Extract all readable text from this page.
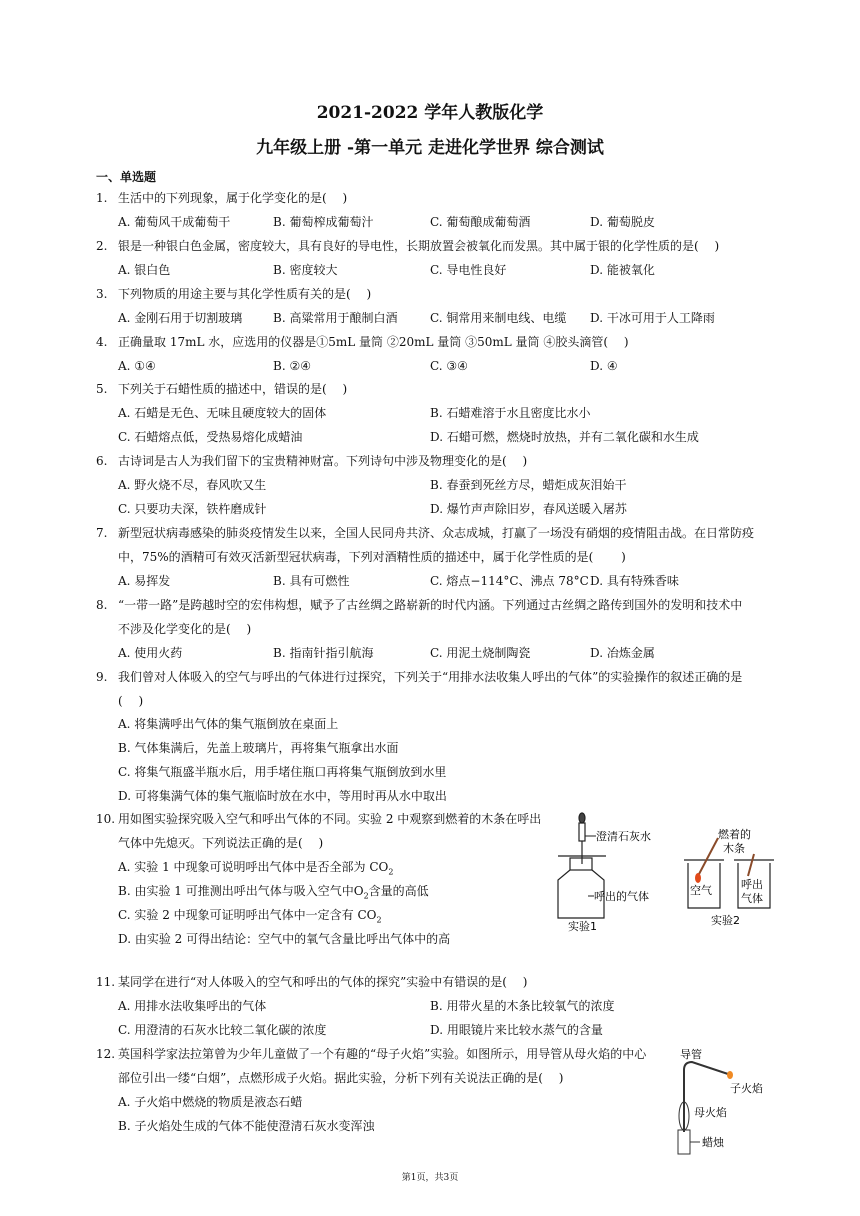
2021-2022 学年人教版化学
九年级上册 -第一单元 走进化学世界 综合测试
一、单选题
1. 生活中的下列现象，属于化学变化的是(　 )
A. 葡萄风干成葡萄干	B. 葡萄榨成葡萄汁	C. 葡萄酿成葡萄酒	D. 葡萄脱皮
2. 银是一种银白色金属，密度较大，具有良好的导电性，长期放置会被氧化而发黑。其中属于银的化学性质的是(　 )
A. 银白色	B. 密度较大	C. 导电性良好	D. 能被氧化
3. 下列物质的用途主要与其化学性质有关的是(　 )
A. 金刚石用于切割玻璃	B. 高粱常用于酿制白酒	C. 铜常用来制电线、电缆 D. 干冰可用于人工降雨
4. 正确量取 17mL 水，应选用的仪器是①5mL 量筒 ②20mL 量筒 ③50mL 量筒 ④胶头滴管(　 )
A. ①④	B. ②④	C. ③④	D. ④
5. 下列关于石蜡性质的描述中，错误的是(　 )
A. 石蜡是无色、无味且硬度较大的固体	B. 石蜡难溶于水且密度比水小
C. 石蜡熔点低，受热易熔化成蜡油	D. 石蜡可燃，燃烧时放热，并有二氧化碳和水生成
6. 古诗词是古人为我们留下的宝贵精神财富。下列诗句中涉及物理变化的是(　 )
A. 野火烧不尽，春风吹又生	B. 春蚕到死丝方尽，蜡炬成灰泪始干
C. 只要功夫深，铁杵磨成针	D. 爆竹声声除旧岁，春风送暖入屠苏
7. 新型冠状病毒感染的肺炎疫情发生以来，全国人民同舟共济、众志成城，打赢了一场没有硝烟的疫情阻击战。在日常防疫
中，75%的酒精可有效灭活新型冠状病毒，下列对酒精性质的描述中，属于化学性质的是(　　 )
A. 易挥发	B. 具有可燃性	C. 熔点−114°C、沸点 78°C D. 具有特殊香味
8. “一带一路”是跨越时空的宏伟构想，赋予了古丝绸之路崭新的时代内涵。下列通过古丝绸之路传到国外的发明和技术中
不涉及化学变化的是(　 )
A. 使用火药	B. 指南针指引航海	C. 用泥土烧制陶瓷	D. 冶炼金属
9. 我们曾对人体吸入的空气与呼出的气体进行过探究，下列关于“用排水法收集人呼出的气体”的实验操作的叙述正确的是
(　 )
A. 将集满呼出气体的集气瓶倒放在桌面上
B. 气体集满后，先盖上玻璃片，再将集气瓶拿出水面
C. 将集气瓶盛半瓶水后，用手堵住瓶口再将集气瓶倒放到水里
D. 可将集满气体的集气瓶临时放在水中，等用时再从水中取出
10. 用如图实验探究吸入空气和呼出气体的不同。实验 2 中观察到燃着的木条在呼出
气体中先熄灭。下列说法正确的是(　 )
A. 实验 1 中现象可说明呼出气体中是否全部为 $CO_2$
B. 由实验 1 可推测出呼出气体与吸入空气中$O_2$含量的高低
C. 实验 2 中现象可证明呼出气体中一定含有 $CO_2$
D. 由实验 2 可得出结论：空气中的氧气含量比呼出气体中的高
澄清石灰水
呼出的气体
实验1
燃着的
木条
空气	呼出
气体
实验2
11. 某同学在进行“对人体吸入的空气和呼出的气体的探究”实验中有错误的是(　 )
A. 用排水法收集呼出的气体	B. 用带火星的木条比较氧气的浓度
C. 用澄清的石灰水比较二氧化碳的浓度	D. 用眼镜片来比较水蒸气的含量
12. 英国科学家法拉第曾为少年儿童做了一个有趣的“母子火焰”实验。如图所示，用导管从母火焰的中心
部位引出一缕“白烟”，点燃形成子火焰。据此实验，分析下列有关说法正确的是(　 )
A. 子火焰中燃烧的物质是液态石蜡
B. 子火焰处生成的气体不能使澄清石灰水变浑浊
导管
子火焰
母火焰
蜡烛
第1页，共3页
